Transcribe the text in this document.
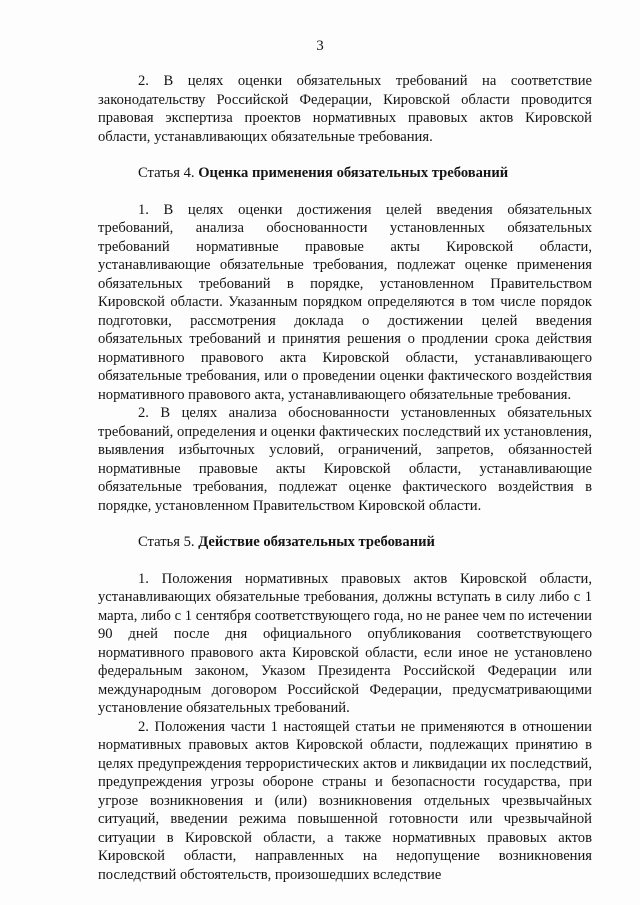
3

2. В целях оценки обязательных требований на соответствие законодательству Российской Федерации, Кировской области проводится правовая экспертиза проектов нормативных правовых актов Кировской области, устанавливающих обязательные требования.

Статья 4. Оценка применения обязательных требований

1. В целях оценки достижения целей введения обязательных требований, анализа обоснованности установленных обязательных требований нормативные правовые акты Кировской области, устанавливающие обязательные требования, подлежат оценке применения обязательных требований в порядке, установленном Правительством Кировской области. Указанным порядком определяются в том числе порядок подготовки, рассмотрения доклада о достижении целей введения обязательных требований и принятия решения о продлении срока действия нормативного правового акта Кировской области, устанавливающего обязательные требования, или о проведении оценки фактического воздействия нормативного правового акта, устанавливающего обязательные требования.

2. В целях анализа обоснованности установленных обязательных требований, определения и оценки фактических последствий их установления, выявления избыточных условий, ограничений, запретов, обязанностей нормативные правовые акты Кировской области, устанавливающие обязательные требования, подлежат оценке фактического воздействия в порядке, установленном Правительством Кировской области.

Статья 5. Действие обязательных требований

1. Положения нормативных правовых актов Кировской области, устанавливающих обязательные требования, должны вступать в силу либо с 1 марта, либо с 1 сентября соответствующего года, но не ранее чем по истечении 90 дней после дня официального опубликования соответствующего нормативного правового акта Кировской области, если иное не установлено федеральным законом, Указом Президента Российской Федерации или международным договором Российской Федерации, предусматривающими установление обязательных требований.

2. Положения части 1 настоящей статьи не применяются в отношении нормативных правовых актов Кировской области, подлежащих принятию в целях предупреждения террористических актов и ликвидации их последствий, предупреждения угрозы обороне страны и безопасности государства, при угрозе возникновения и (или) возникновения отдельных чрезвычайных ситуаций, введении режима повышенной готовности или чрезвычайной ситуации в Кировской области, а также нормативных правовых актов Кировской области, направленных на недопущение возникновения последствий обстоятельств, произошедших вследствие
